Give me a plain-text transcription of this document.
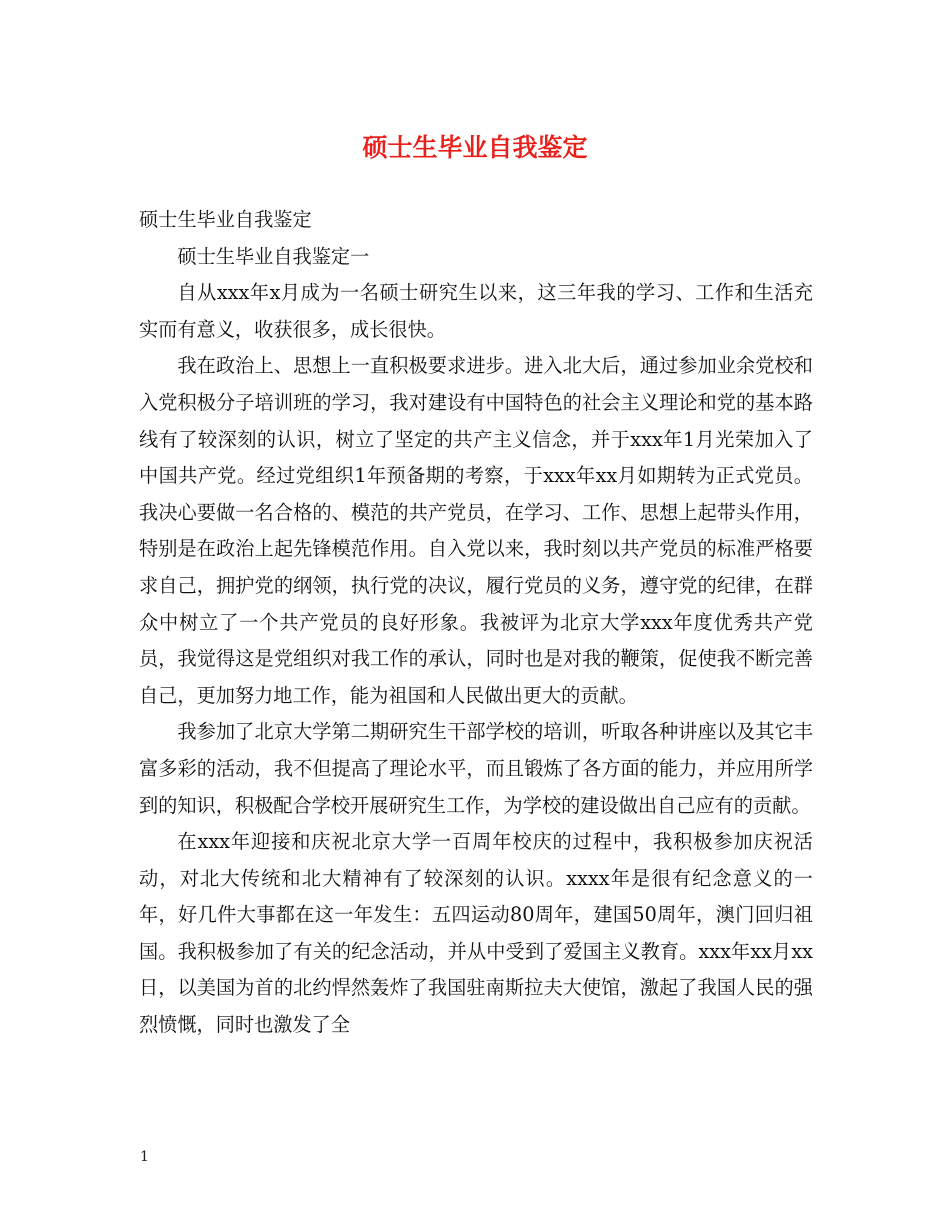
硕士生毕业自我鉴定

硕士生毕业自我鉴定

硕士生毕业自我鉴定一

自从xxx年x月成为一名硕士研究生以来，这三年我的学习、工作和生活充实而有意义，收获很多，成长很快。

我在政治上、思想上一直积极要求进步。进入北大后，通过参加业余党校和入党积极分子培训班的学习，我对建设有中国特色的社会主义理论和党的基本路线有了较深刻的认识，树立了坚定的共产主义信念，并于xxx年1月光荣加入了中国共产党。经过党组织1年预备期的考察，于xxx年xx月如期转为正式党员。我决心要做一名合格的、模范的共产党员，在学习、工作、思想上起带头作用，特别是在政治上起先锋模范作用。自入党以来，我时刻以共产党员的标准严格要求自己，拥护党的纲领，执行党的决议，履行党员的义务，遵守党的纪律，在群众中树立了一个共产党员的良好形象。我被评为北京大学xxx年度优秀共产党员，我觉得这是党组织对我工作的承认，同时也是对我的鞭策，促使我不断完善自己，更加努力地工作，能为祖国和人民做出更大的贡献。

我参加了北京大学第二期研究生干部学校的培训，听取各种讲座以及其它丰富多彩的活动，我不但提高了理论水平，而且锻炼了各方面的能力，并应用所学到的知识，积极配合学校开展研究生工作，为学校的建设做出自己应有的贡献。

在xxx年迎接和庆祝北京大学一百周年校庆的过程中，我积极参加庆祝活动，对北大传统和北大精神有了较深刻的认识。xxxx年是很有纪念意义的一年，好几件大事都在这一年发生：五四运动80周年，建国50周年，澳门回归祖国。我积极参加了有关的纪念活动，并从中受到了爱国主义教育。xxx年xx月xx日，以美国为首的北约悍然轰炸了我国驻南斯拉夫大使馆，激起了我国人民的强烈愤慨，同时也激发了全

1
